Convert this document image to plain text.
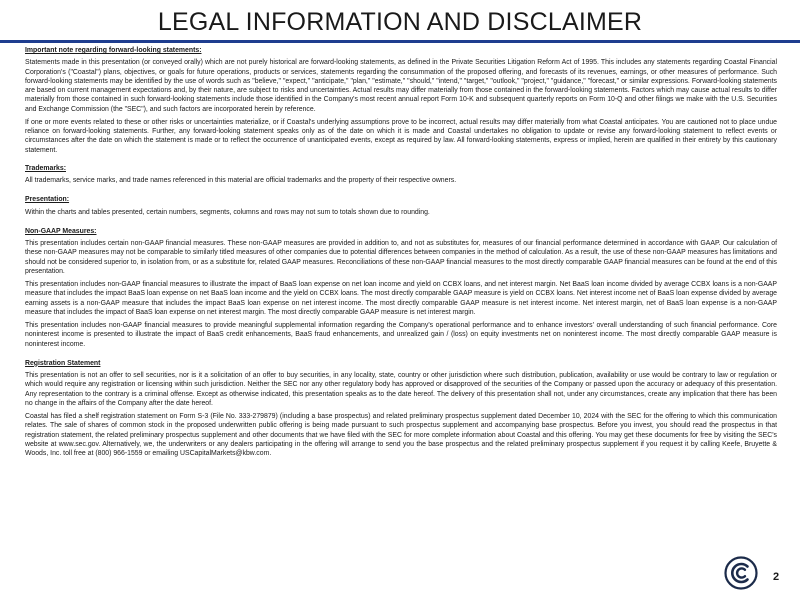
LEGAL INFORMATION AND DISCLAIMER
Important note regarding forward-looking statements:

Statements made in this presentation (or conveyed orally) which are not purely historical are forward-looking statements, as defined in the Private Securities Litigation Reform Act of 1995. This includes any statements regarding Coastal Financial Corporation's ("Coastal") plans, objectives, or goals for future operations, products or services, statements regarding the consummation of the proposed offering, and forecasts of its revenues, earnings, or other measures of performance. Such forward-looking statements may be identified by the use of words such as "believe," "expect," "anticipate," "plan," "estimate," "should," "intend," "target," "outlook," "project," "guidance," "forecast," or similar expressions. Forward-looking statements are based on current management expectations and, by their nature, are subject to risks and uncertainties. Actual results may differ materially from those contained in the forward-looking statements. Factors which may cause actual results to differ materially from those contained in such forward-looking statements include those identified in the Company's most recent annual report Form 10-K and subsequent quarterly reports on Form 10-Q and other filings we make with the U.S. Securities and Exchange Commission (the "SEC"), and such factors are incorporated herein by reference.

If one or more events related to these or other risks or uncertainties materialize, or if Coastal's underlying assumptions prove to be incorrect, actual results may differ materially from what Coastal anticipates. You are cautioned not to place undue reliance on forward-looking statements. Further, any forward-looking statement speaks only as of the date on which it is made and Coastal undertakes no obligation to update or revise any forward-looking statement to reflect events or circumstances after the date on which the statement is made or to reflect the occurrence of unanticipated events, except as required by law. All forward-looking statements, express or implied, herein are qualified in their entirety by this cautionary statement.

Trademarks:

All trademarks, service marks, and trade names referenced in this material are official trademarks and the property of their respective owners.

Presentation:

Within the charts and tables presented, certain numbers, segments, columns and rows may not sum to totals shown due to rounding.

Non-GAAP Measures:

This presentation includes certain non-GAAP financial measures. These non-GAAP measures are provided in addition to, and not as substitutes for, measures of our financial performance determined in accordance with GAAP. Our calculation of these non-GAAP measures may not be comparable to similarly titled measures of other companies due to potential differences between companies in the method of calculation. As a result, the use of these non-GAAP measures has limitations and should not be considered superior to, in isolation from, or as a substitute for, related GAAP measures. Reconciliations of these non-GAAP financial measures to the most directly comparable GAAP financial measures can be found at the end of this presentation.

This presentation includes non-GAAP financial measures to illustrate the impact of BaaS loan expense on net loan income and yield on CCBX loans, and net interest margin. Net BaaS loan income divided by average CCBX loans is a non-GAAP measure that includes the impact BaaS loan expense on net BaaS loan income and the yield on CCBX loans. The most directly comparable GAAP measure is yield on CCBX loans. Net interest income net of BaaS loan expense divided by average earning assets is a non-GAAP measure that includes the impact BaaS loan expense on net interest income. The most directly comparable GAAP measure is net interest income. Net interest margin, net of BaaS loan expense is a non-GAAP measure that includes the impact of BaaS loan expense on net interest margin. The most directly comparable GAAP measure is net interest margin.

This presentation includes non-GAAP financial measures to provide meaningful supplemental information regarding the Company's operational performance and to enhance investors' overall understanding of such financial performance. Core noninterest income is presented to illustrate the impact of BaaS credit enhancements, BaaS fraud enhancements, and unrealized gain / (loss) on equity investments net on noninterest income. The most directly comparable GAAP measure is noninterest income.

Registration Statement

This presentation is not an offer to sell securities, nor is it a solicitation of an offer to buy securities, in any locality, state, country or other jurisdiction where such distribution, publication, availability or use would be contrary to law or regulation or which would require any registration or licensing within such jurisdiction. Neither the SEC nor any other regulatory body has approved or disapproved of the securities of the Company or passed upon the accuracy or adequacy of this presentation. Any representation to the contrary is a criminal offense. Except as otherwise indicated, this presentation speaks as to the date hereof. The delivery of this presentation shall not, under any circumstances, create any implication that there has been no change in the affairs of the Company after the date hereof.

Coastal has filed a shelf registration statement on Form S-3 (File No. 333-279879) (including a base prospectus) and related preliminary prospectus supplement dated December 10, 2024 with the SEC for the offering to which this communication relates. The sale of shares of common stock in the proposed underwritten public offering is being made pursuant to such prospectus supplement and accompanying base prospectus. Before you invest, you should read the prospectus in that registration statement, the related preliminary prospectus supplement and other documents that we have filed with the SEC for more complete information about Coastal and this offering. You may get these documents for free by visiting the SEC's website at www.sec.gov. Alternatively, we, the underwriters or any dealers participating in the offering will arrange to send you the base prospectus and the related preliminary prospectus supplement if you request it by calling Keefe, Bruyette & Woods, Inc. toll free at (800) 966-1559 or emailing USCapitalMarkets@kbw.com.

2
